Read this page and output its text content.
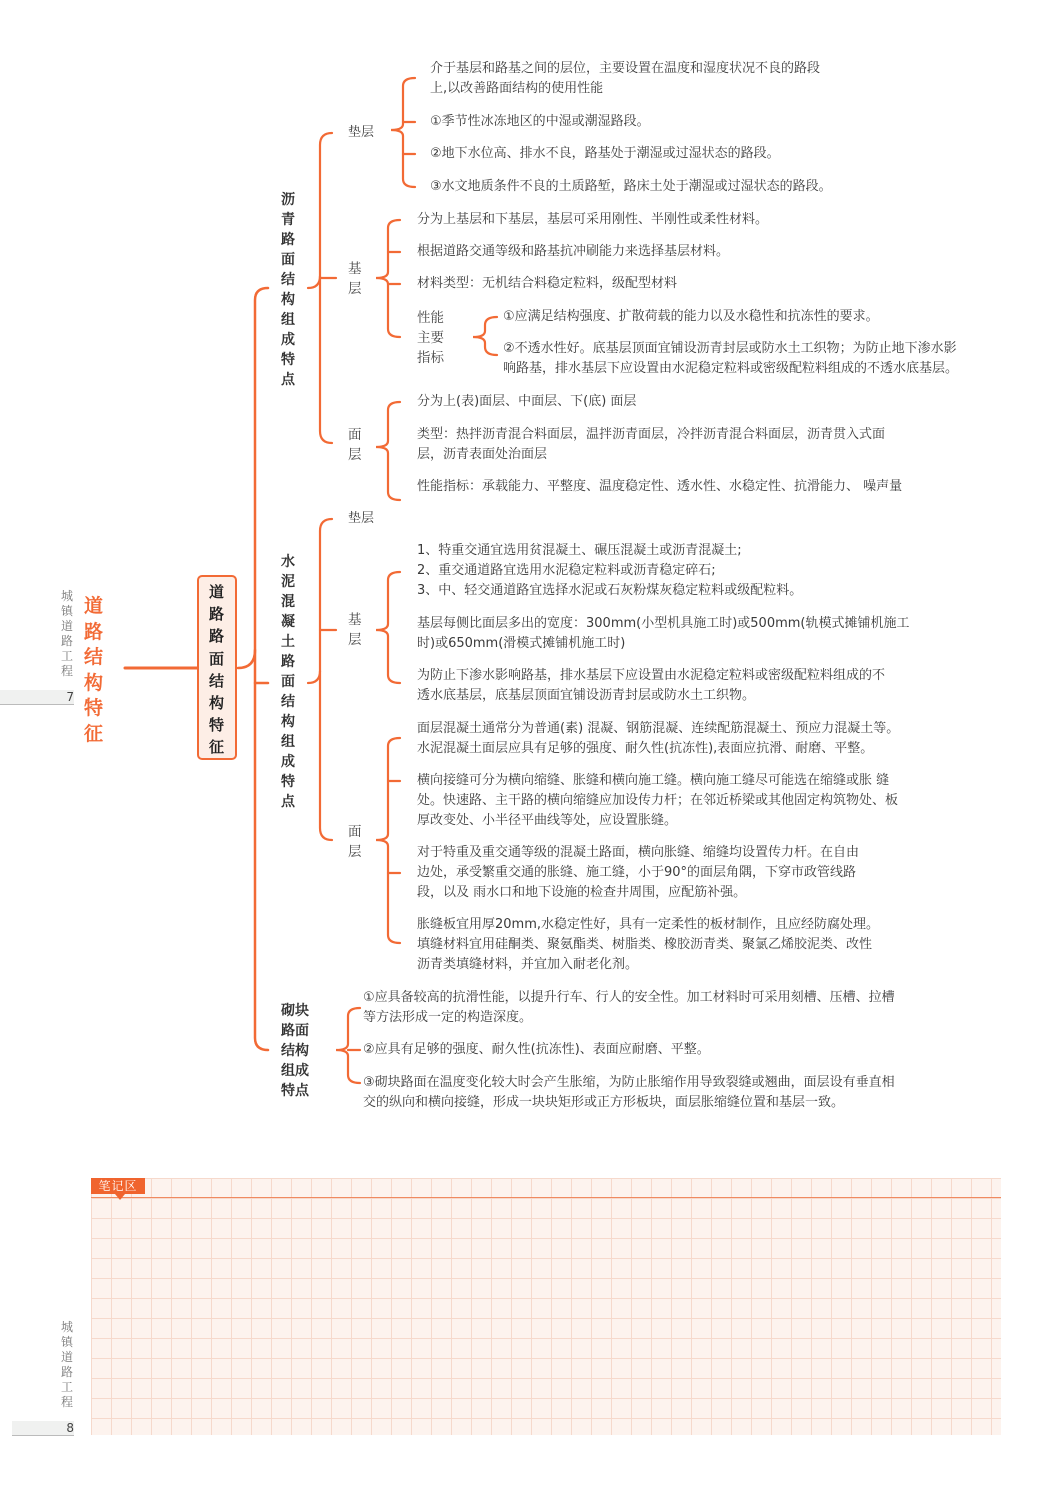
城镇道路工程
7
道路结构特征
道路路面结构特征
沥青路面结构组成特点
水泥混凝土路面结构组成特点
砌块路面结构组成特点
垫层
介于基层和路基之间的层位，主要设置在温度和湿度状况不良的路段
上,以改善路面结构的使用性能
①季节性冰冻地区的中湿或潮湿路段。
②地下水位高、排水不良，路基处于潮湿或过湿状态的路段。
③水文地质条件不良的土质路堑，路床土处于潮湿或过湿状态的路段。
基层
分为上基层和下基层，基层可采用刚性、半刚性或柔性材料。
根据道路交通等级和路基抗冲刷能力来选择基层材料。
材料类型：无机结合料稳定粒料，级配型材料
性能主要指标
①应满足结构强度、扩散荷载的能力以及水稳性和抗冻性的要求。
②不透水性好。底基层顶面宜铺设沥青封层或防水土工织物；为防止地下渗水影
响路基，排水基层下应设置由水泥稳定粒料或密级配粒料组成的不透水底基层。
面层
分为上(表)面层、中面层、下(底) 面层
类型：热拌沥青混合料面层，温拌沥青面层，冷拌沥青混合料面层，沥青贯入式面
层，沥青表面处治面层
性能指标：承载能力、平整度、温度稳定性、透水性、水稳定性、抗滑能力、 噪声量
垫层
基层
1、特重交通宜选用贫混凝土、碾压混凝土或沥青混凝土;
2、重交通道路宜选用水泥稳定粒料或沥青稳定碎石;
3、中、轻交通道路宜选择水泥或石灰粉煤灰稳定粒料或级配粒料。
基层每侧比面层多出的宽度：300mm(小型机具施工时)或500mm(轨模式摊铺机施工
时)或650mm(滑模式摊铺机施工时)
为防止下渗水影响路基，排水基层下应设置由水泥稳定粒料或密级配粒料组成的不
透水底基层，底基层顶面宜铺设沥青封层或防水土工织物。
面层
面层混凝土通常分为普通(素) 混凝、钢筋混凝、连续配筋混凝土、预应力混凝土等。
水泥混凝土面层应具有足够的强度、耐久性(抗冻性),表面应抗滑、耐磨、平整。
横向接缝可分为横向缩缝、胀缝和横向施工缝。横向施工缝尽可能选在缩缝或胀 缝
处。快速路、主干路的横向缩缝应加设传力杆；在邻近桥梁或其他固定构筑物处、板
厚改变处、小半径平曲线等处，应设置胀缝。
对于特重及重交通等级的混凝土路面，横向胀缝、缩缝均设置传力杆。在自由
边处，承受繁重交通的胀缝、施工缝，小于90°的面层角隅，下穿市政管线路
段，以及 雨水口和地下设施的检查井周围，应配筋补强。
胀缝板宜用厚20mm,水稳定性好，具有一定柔性的板材制作，且应经防腐处理。
填缝材料宜用硅酮类、聚氨酯类、树脂类、橡胶沥青类、聚氯乙烯胶泥类、改性
沥青类填缝材料，并宜加入耐老化剂。
①应具备较高的抗滑性能，以提升行车、行人的安全性。加工材料时可采用刻槽、压槽、拉槽
等方法形成一定的构造深度。
②应具有足够的强度、耐久性(抗冻性)、表面应耐磨、平整。
③砌块路面在温度变化较大时会产生胀缩，为防止胀缩作用导致裂缝或翘曲，面层设有垂直相
交的纵向和横向接缝，形成一块块矩形或正方形板块，面层胀缩缝位置和基层一致。
笔记区
城镇道路工程
8
